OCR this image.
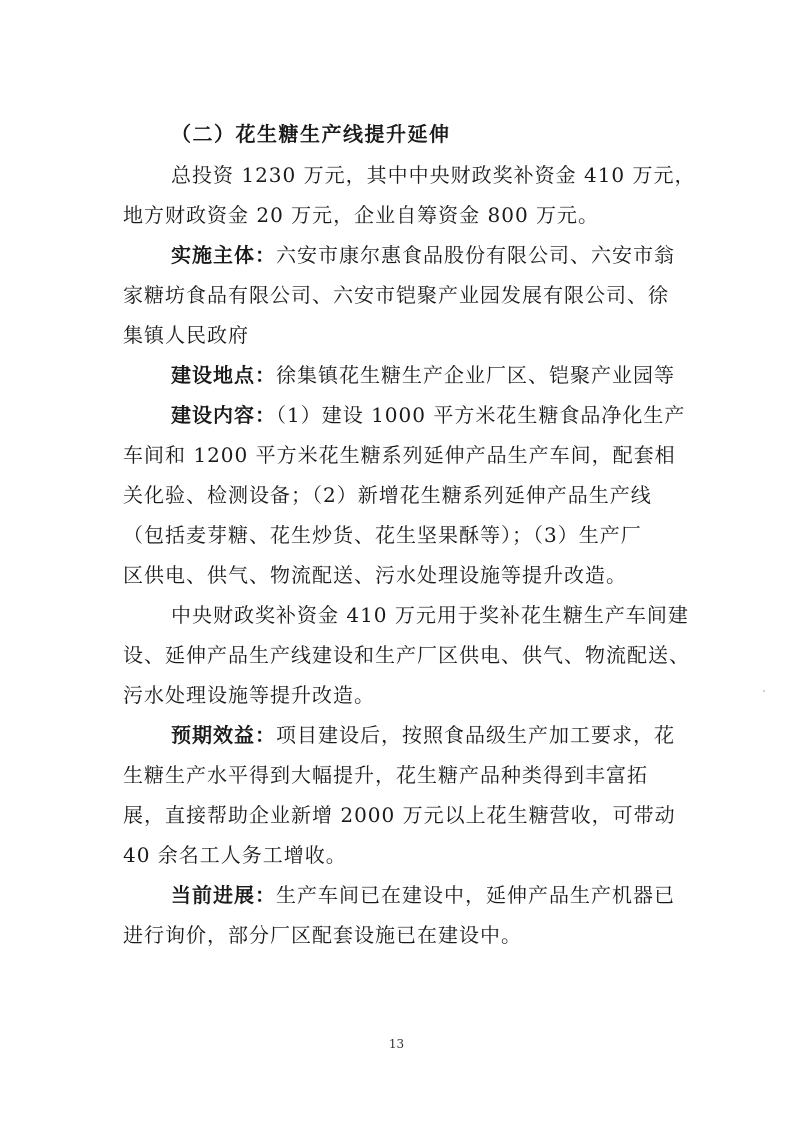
（二）花生糖生产线提升延伸

总投资 1230 万元，其中中央财政奖补资金 410 万元，

地方财政资金 20 万元，企业自筹资金 800 万元。

实施主体：六安市康尔惠食品股份有限公司、六安市翁

家糖坊食品有限公司、六安市铠聚产业园发展有限公司、徐

集镇人民政府

建设地点：徐集镇花生糖生产企业厂区、铠聚产业园等

建设内容：（1）建设 1000 平方米花生糖食品净化生产

车间和 1200 平方米花生糖系列延伸产品生产车间，配套相

关化验、检测设备；（2）新增花生糖系列延伸产品生产线

（包括麦芽糖、花生炒货、花生坚果酥等）；（3）生产厂

区供电、供气、物流配送、污水处理设施等提升改造。

中央财政奖补资金 410 万元用于奖补花生糖生产车间建

设、延伸产品生产线建设和生产厂区供电、供气、物流配送、

污水处理设施等提升改造。

预期效益：项目建设后，按照食品级生产加工要求，花

生糖生产水平得到大幅提升，花生糖产品种类得到丰富拓

展，直接帮助企业新增 2000 万元以上花生糖营收，可带动

40 余名工人务工增收。

当前进展：生产车间已在建设中，延伸产品生产机器已

进行询价，部分厂区配套设施已在建设中。

13
